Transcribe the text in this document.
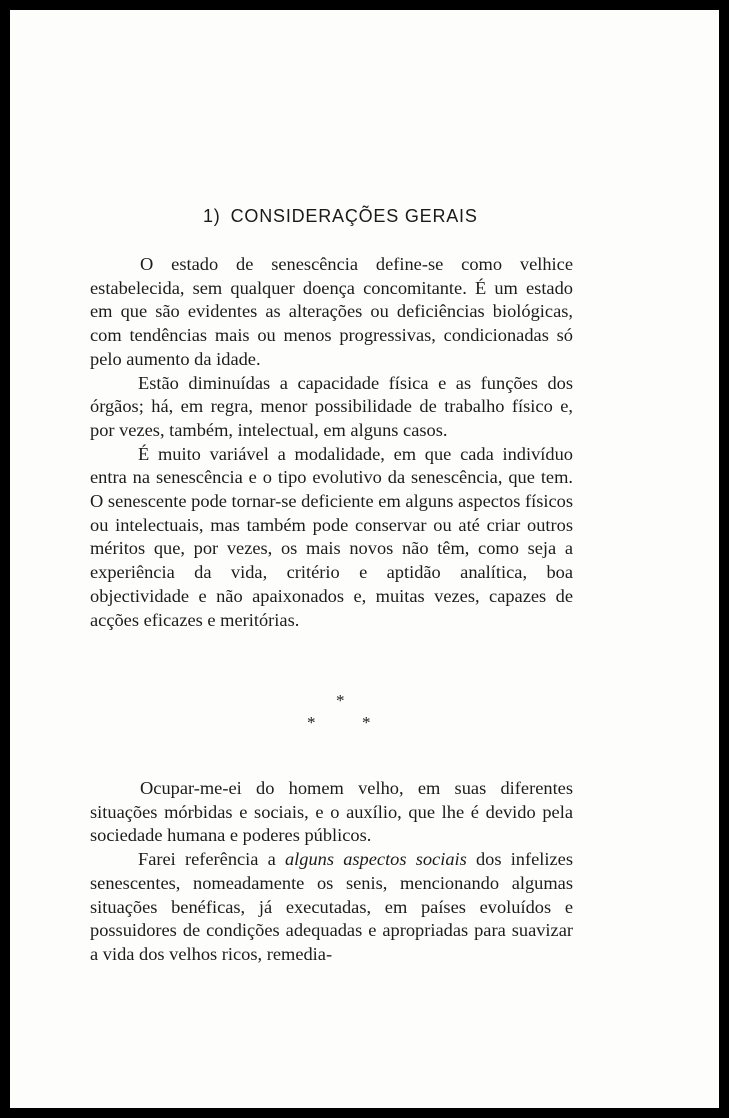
1) CONSIDERAÇÕES GERAIS

O estado de senescência define-se como velhice estabelecida, sem qualquer doença concomitante. É um estado em que são evidentes as alterações ou deficiências biológicas, com tendências mais ou menos progressivas, condicionadas só pelo aumento da idade.

Estão diminuídas a capacidade física e as funções dos órgãos; há, em regra, menor possibilidade de trabalho físico e, por vezes, também, intelectual, em alguns casos.

É muito variável a modalidade, em que cada indivíduo entra na senescência e o tipo evolutivo da senescência, que tem. O senescente pode tornar-se deficiente em alguns aspectos físicos ou intelectuais, mas também pode conservar ou até criar outros méritos que, por vezes, os mais novos não têm, como seja a experiência da vida, critério e aptidão analítica, boa objectividade e não apaixonados e, muitas vezes, capazes de acções eficazes e meritórias.

*
*	*

Ocupar-me-ei do homem velho, em suas diferentes situações mórbidas e sociais, e o auxílio, que lhe é devido pela sociedade humana e poderes públicos.

Farei referência a alguns aspectos sociais dos infelizes senescentes, nomeadamente os senis, mencionando algumas situações benéficas, já executadas, em países evoluídos e possuidores de condições adequadas e apropriadas para suavizar a vida dos velhos ricos, remedia-
